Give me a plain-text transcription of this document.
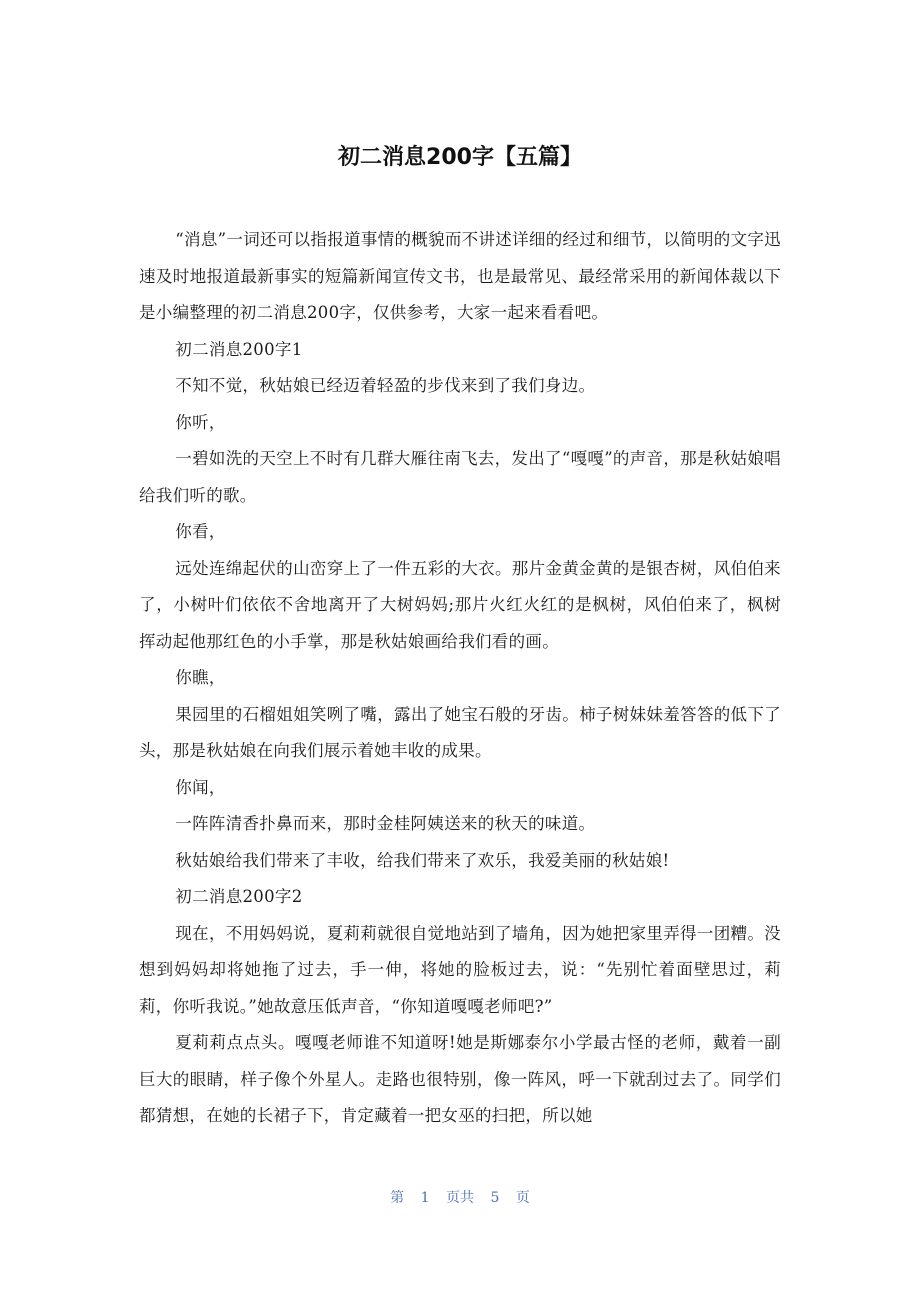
初二消息200字【五篇】

“消息”一词还可以指报道事情的概貌而不讲述详细的经过和细节，以简明的文字迅速及时地报道最新事实的短篇新闻宣传文书，也是最常见、最经常采用的新闻体裁以下是小编整理的初二消息200字，仅供参考，大家一起来看看吧。

初二消息200字1

不知不觉，秋姑娘已经迈着轻盈的步伐来到了我们身边。

你听，

一碧如洗的天空上不时有几群大雁往南飞去，发出了“嘎嘎”的声音，那是秋姑娘唱给我们听的歌。

你看，

远处连绵起伏的山峦穿上了一件五彩的大衣。那片金黄金黄的是银杏树，风伯伯来了，小树叶们依依不舍地离开了大树妈妈;那片火红火红的是枫树，风伯伯来了，枫树挥动起他那红色的小手掌，那是秋姑娘画给我们看的画。

你瞧，

果园里的石榴姐姐笑咧了嘴，露出了她宝石般的牙齿。柿子树妹妹羞答答的低下了头，那是秋姑娘在向我们展示着她丰收的成果。

你闻，

一阵阵清香扑鼻而来，那时金桂阿姨送来的秋天的味道。

秋姑娘给我们带来了丰收，给我们带来了欢乐，我爱美丽的秋姑娘!

初二消息200字2

现在，不用妈妈说，夏莉莉就很自觉地站到了墙角，因为她把家里弄得一团糟。没想到妈妈却将她拖了过去，手一伸，将她的脸板过去，说：“先别忙着面壁思过，莉莉，你听我说。”她故意压低声音，“你知道嘎嘎老师吧?”

夏莉莉点点头。嘎嘎老师谁不知道呀!她是斯娜泰尔小学最古怪的老师，戴着一副巨大的眼睛，样子像个外星人。走路也很特别，像一阵风，呼一下就刮过去了。同学们都猜想，在她的长裙子下，肯定藏着一把女巫的扫把，所以她

第 1 页共 5 页
